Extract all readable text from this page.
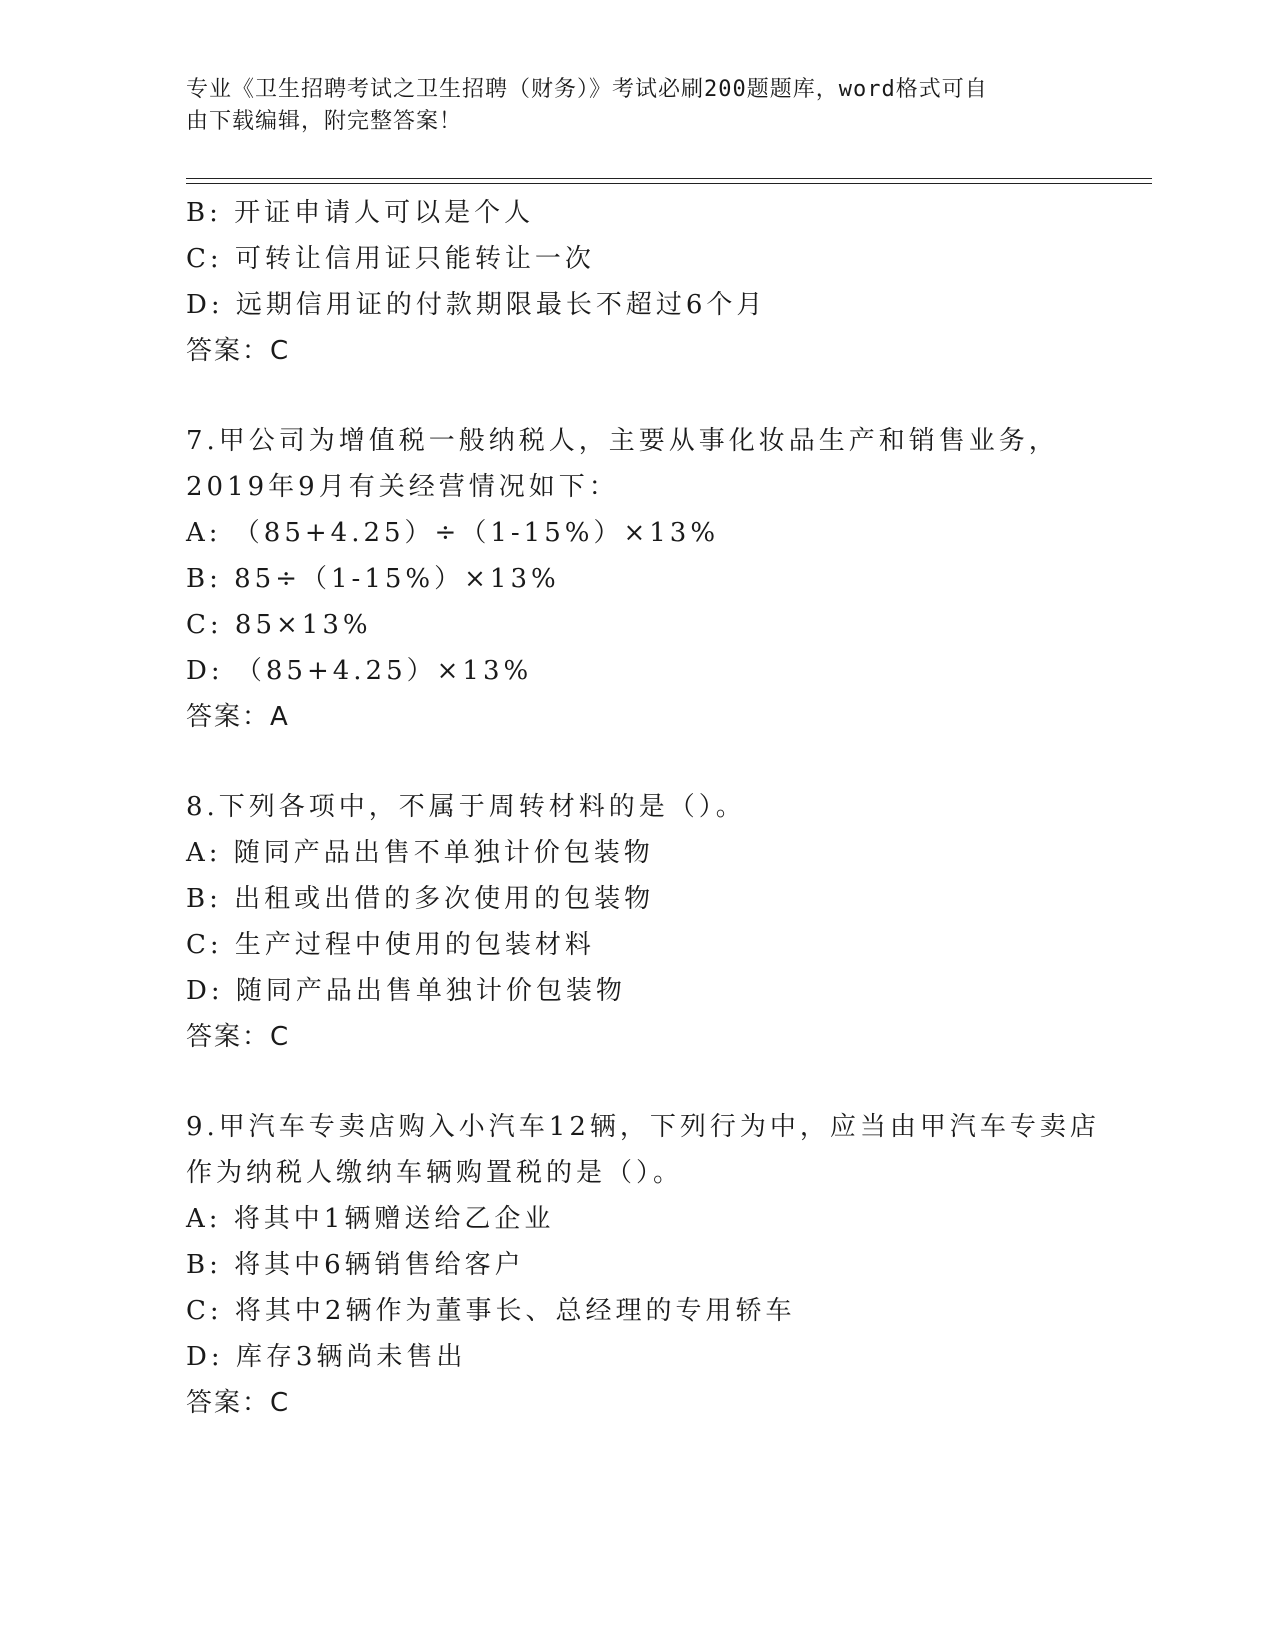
专业《卫生招聘考试之卫生招聘（财务）》考试必刷200题题库，word格式可自
由下载编辑，附完整答案！
B: 开证申请人可以是个人
C: 可转让信用证只能转让一次
D: 远期信用证的付款期限最长不超过6个月
答案：C
7.甲公司为增值税一般纳税人，主要从事化妆品生产和销售业务，
2019年9月有关经营情况如下：
A: （85+4.25）÷（1-15%）×13%
B: 85÷（1-15%）×13%
C: 85×13%
D: （85+4.25）×13%
答案：A
8.下列各项中，不属于周转材料的是（）。
A: 随同产品出售不单独计价包装物
B: 出租或出借的多次使用的包装物
C: 生产过程中使用的包装材料
D: 随同产品出售单独计价包装物
答案：C
9.甲汽车专卖店购入小汽车12辆，下列行为中，应当由甲汽车专卖店
作为纳税人缴纳车辆购置税的是（）。
A: 将其中1辆赠送给乙企业
B: 将其中6辆销售给客户
C: 将其中2辆作为董事长、总经理的专用轿车
D: 库存3辆尚未售出
答案：C
